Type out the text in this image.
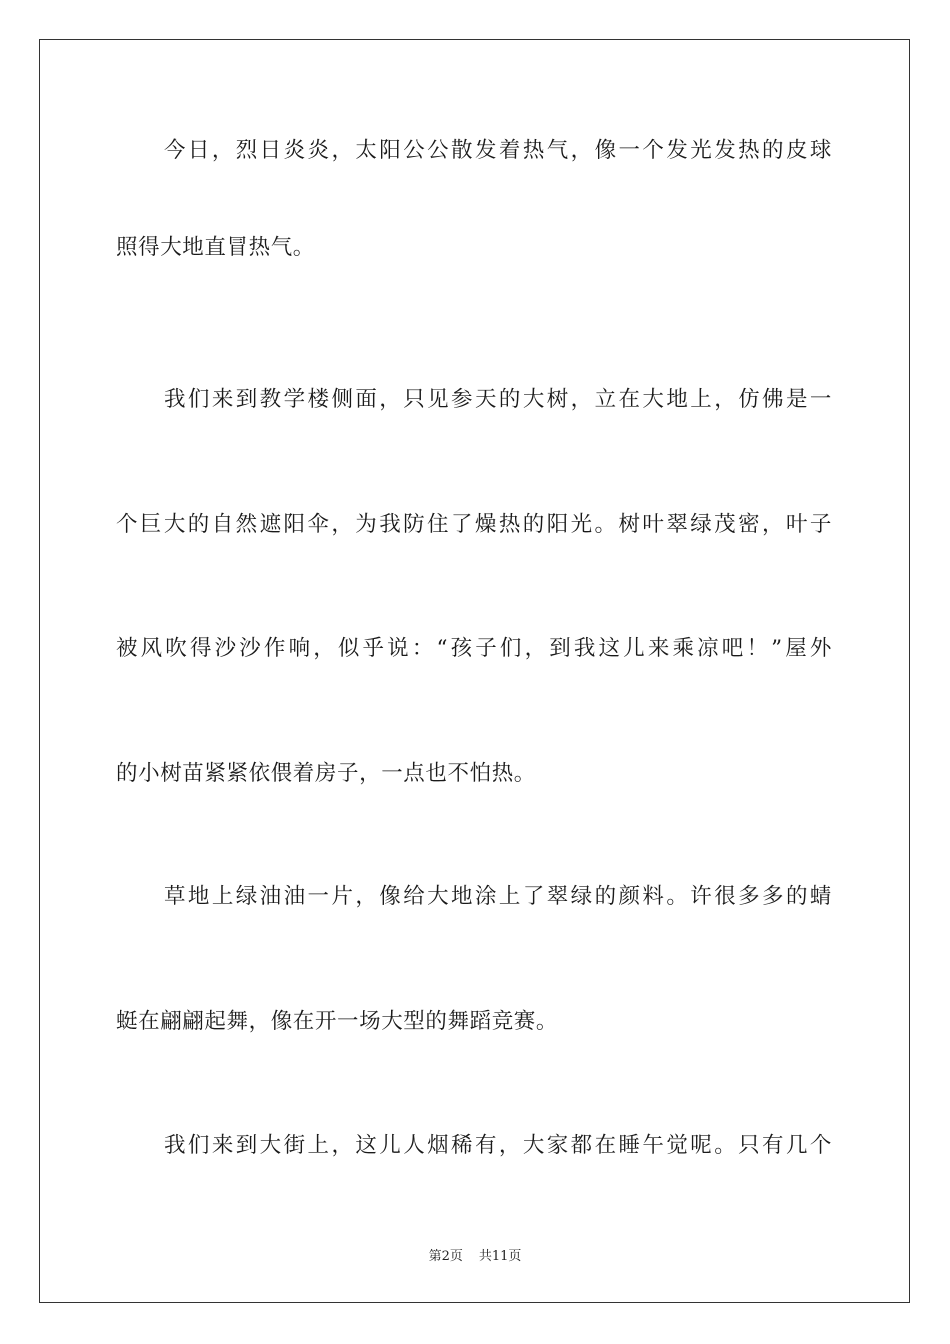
今日，烈日炎炎，太阳公公散发着热气，像一个发光发热的皮球
照得大地直冒热气。
我们来到教学楼侧面，只见参天的大树，立在大地上，仿佛是一
个巨大的自然遮阳伞，为我防住了燥热的阳光。树叶翠绿茂密，叶子
被风吹得沙沙作响，似乎说：“孩子们，到我这儿来乘凉吧！”屋外
的小树苗紧紧依偎着房子，一点也不怕热。
草地上绿油油一片，像给大地涂上了翠绿的颜料。许很多多的蜻
蜓在翩翩起舞，像在开一场大型的舞蹈竞赛。
我们来到大街上，这儿人烟稀有，大家都在睡午觉呢。只有几个
第2页 共11页
